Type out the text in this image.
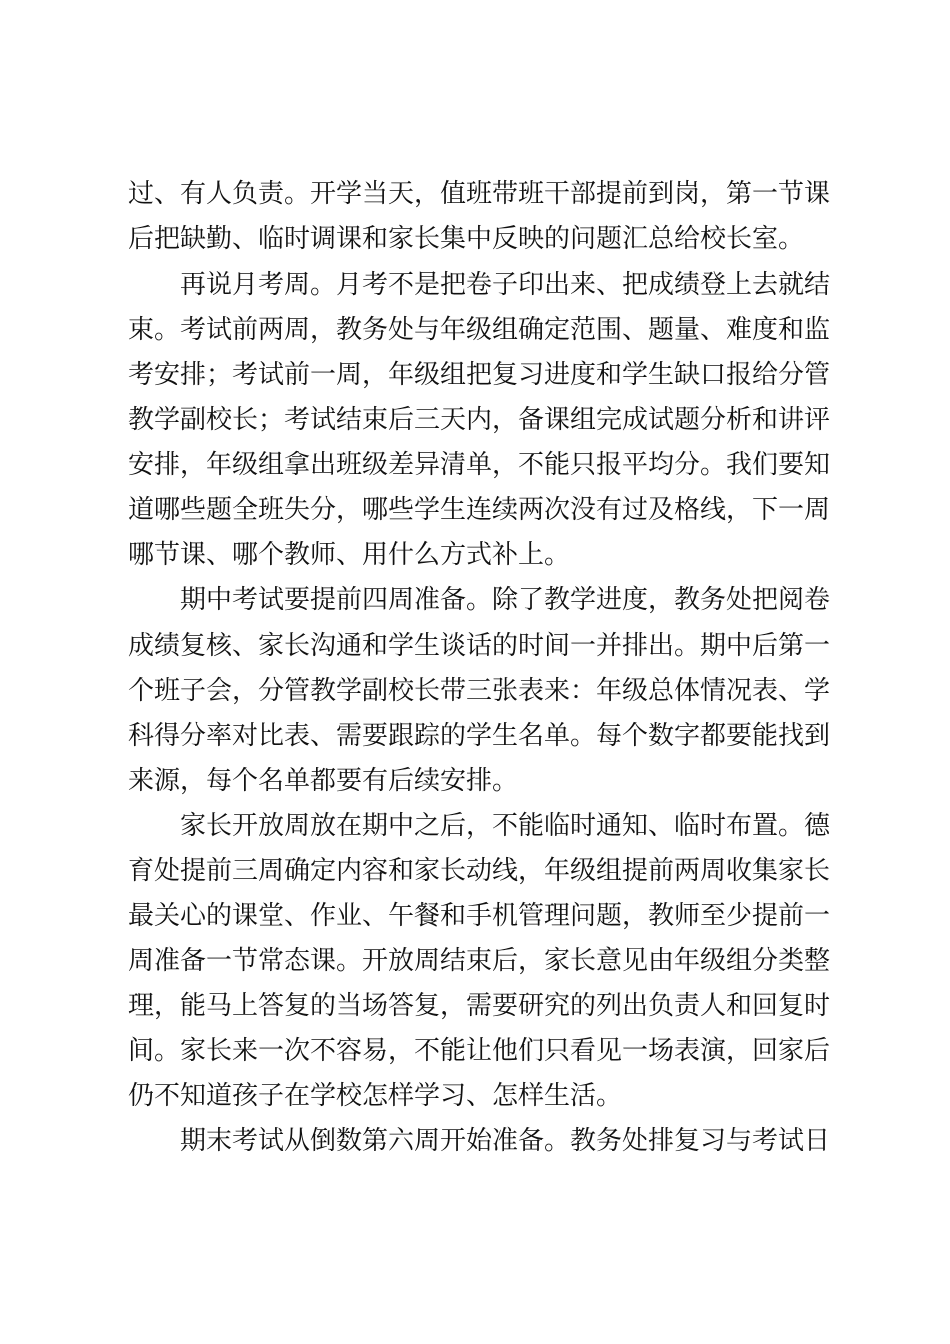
过、有人负责。开学当天，值班带班干部提前到岗，第一节课
后把缺勤、临时调课和家长集中反映的问题汇总给校长室。
再说月考周。月考不是把卷子印出来、把成绩登上去就结
束。考试前两周，教务处与年级组确定范围、题量、难度和监
考安排；考试前一周，年级组把复习进度和学生缺口报给分管
教学副校长；考试结束后三天内，备课组完成试题分析和讲评
安排，年级组拿出班级差异清单，不能只报平均分。我们要知
道哪些题全班失分，哪些学生连续两次没有过及格线，下一周
哪节课、哪个教师、用什么方式补上。
期中考试要提前四周准备。除了教学进度，教务处把阅卷
成绩复核、家长沟通和学生谈话的时间一并排出。期中后第一
个班子会，分管教学副校长带三张表来：年级总体情况表、学
科得分率对比表、需要跟踪的学生名单。每个数字都要能找到
来源，每个名单都要有后续安排。
家长开放周放在期中之后，不能临时通知、临时布置。德
育处提前三周确定内容和家长动线，年级组提前两周收集家长
最关心的课堂、作业、午餐和手机管理问题，教师至少提前一
周准备一节常态课。开放周结束后，家长意见由年级组分类整
理，能马上答复的当场答复，需要研究的列出负责人和回复时
间。家长来一次不容易，不能让他们只看见一场表演，回家后
仍不知道孩子在学校怎样学习、怎样生活。
期末考试从倒数第六周开始准备。教务处排复习与考试日
